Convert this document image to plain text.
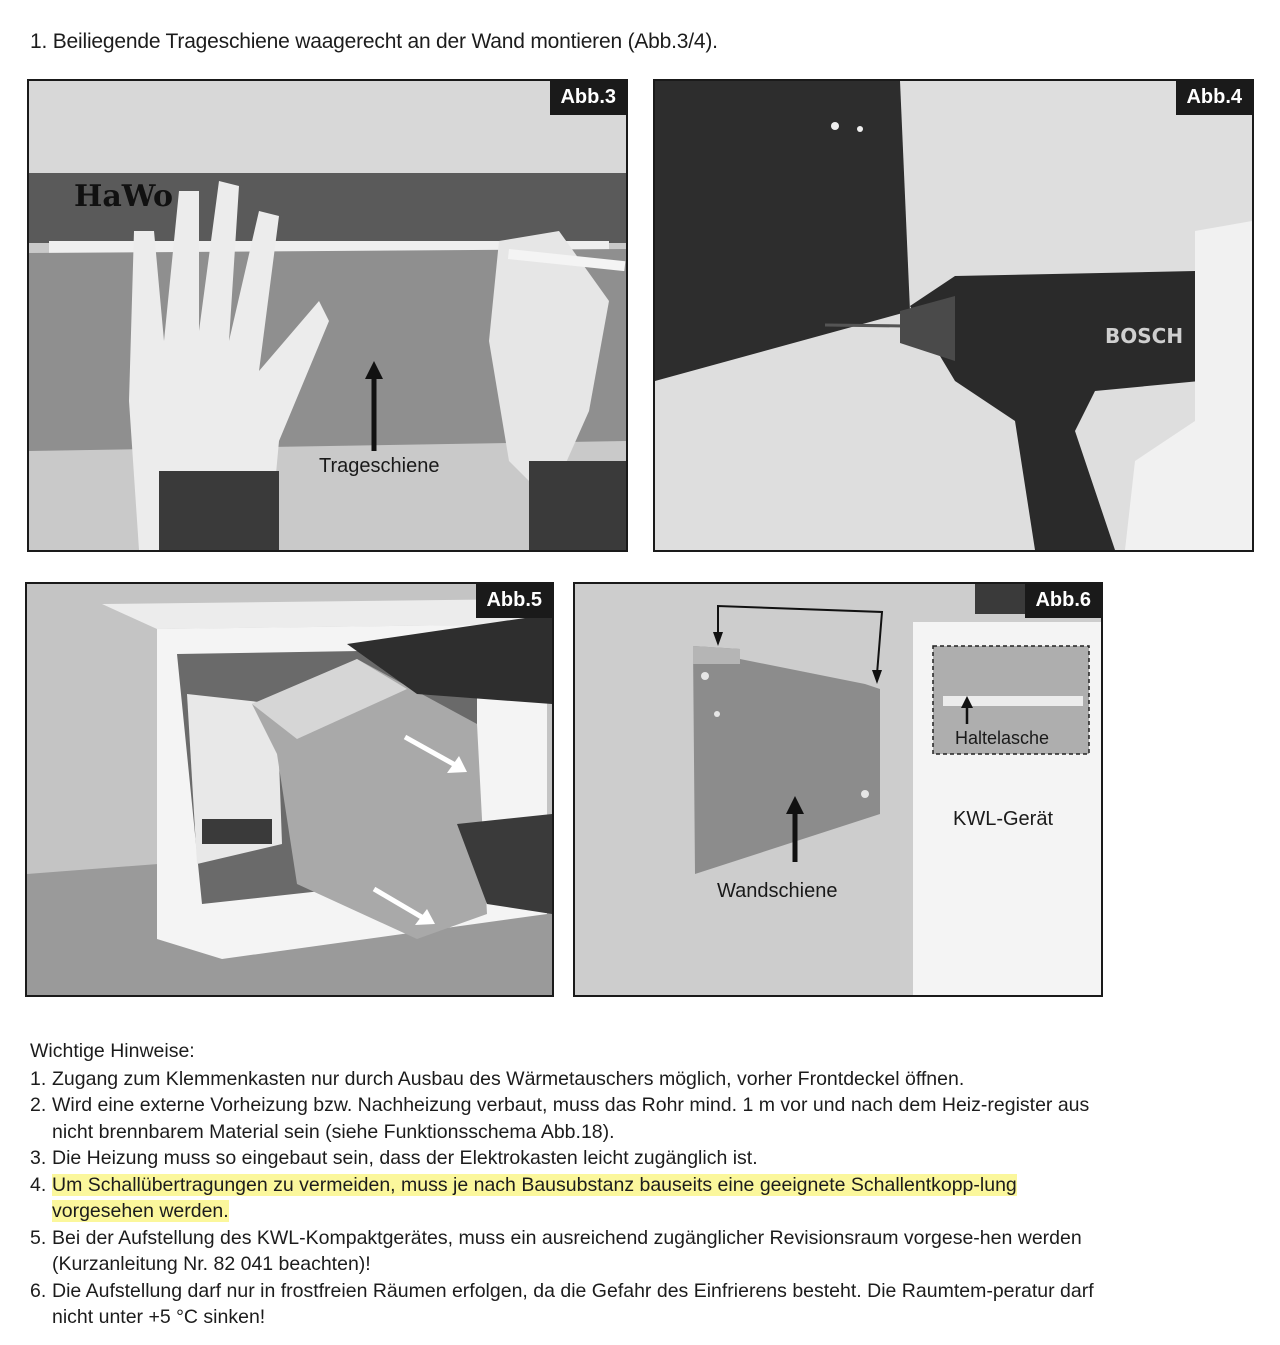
1. Beiliegende Trageschiene waagerecht an der Wand montieren (Abb.3/4).
HaWo
Abb.3
Trageschiene
BOSCH
Abb.4
Abb.5	Abb.6
Haltelasche
KWL-Gerät
Wandschiene
Wichtige Hinweise:
1. Zugang zum Klemmenkasten nur durch Ausbau des Wärmetauschers möglich, vorher Frontdeckel öffnen.
2. Wird eine externe Vorheizung bzw. Nachheizung verbaut, muss das Rohr mind. 1 m vor und nach dem Heiz-register aus nicht brennbarem Material sein (siehe Funktionsschema Abb.18).
3. Die Heizung muss so eingebaut sein, dass der Elektrokasten leicht zugänglich ist.
4. Um Schallübertragungen zu vermeiden, muss je nach Bausubstanz bauseits eine geeignete Schallentkopp-lung vorgesehen werden.
5. Bei der Aufstellung des KWL-Kompaktgerätes, muss ein ausreichend zugänglicher Revisionsraum vorgese-hen werden (Kurzanleitung Nr. 82 041 beachten)!
6. Die Aufstellung darf nur in frostfreien Räumen erfolgen, da die Gefahr des Einfrierens besteht. Die Raumtem-peratur darf nicht unter +5 °C sinken!
